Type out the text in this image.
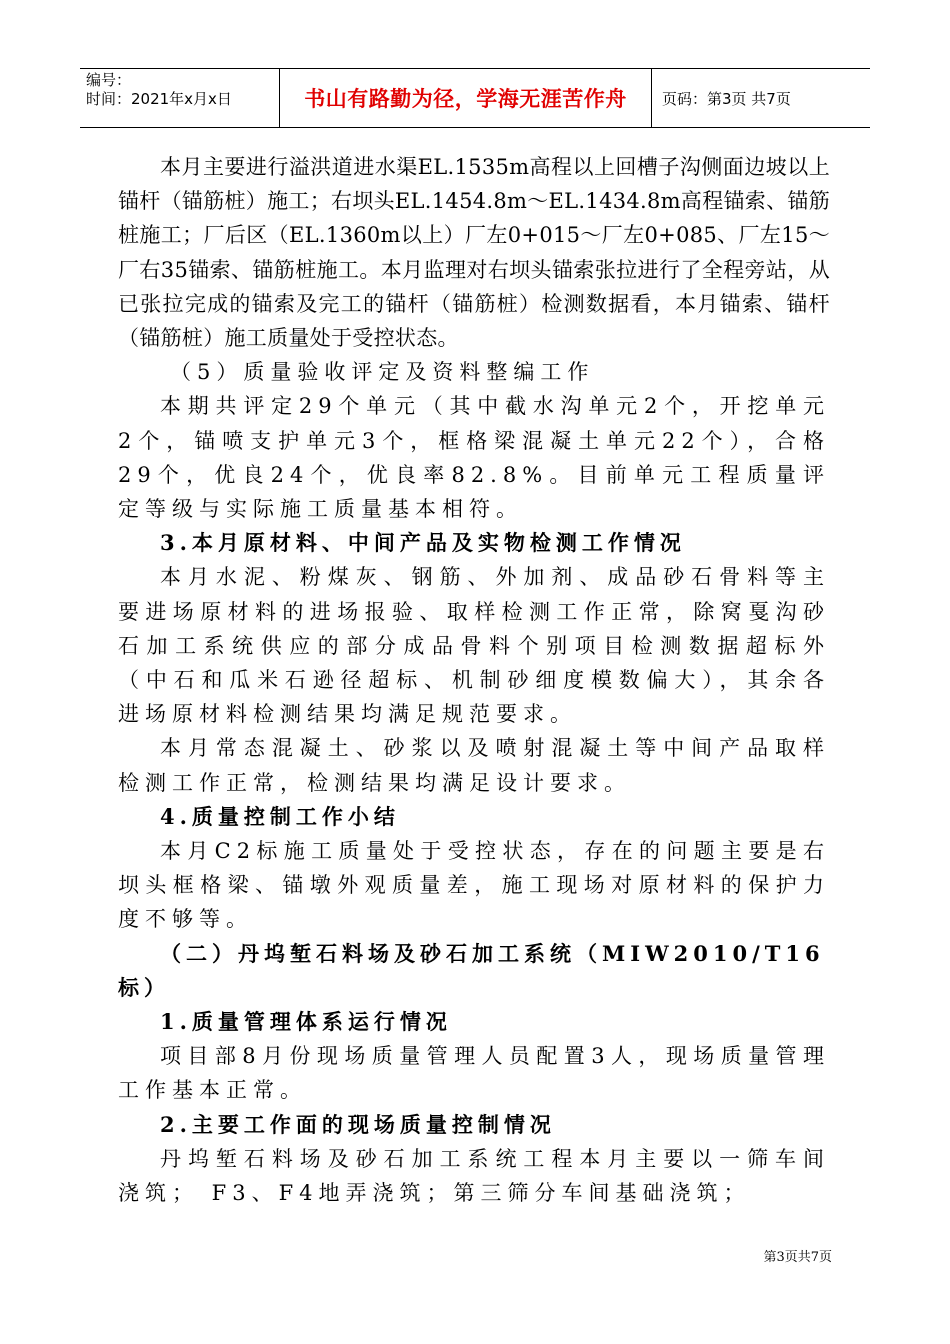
编号：
时间：2021年x月x日	书山有路勤为径，学海无涯苦作舟	页码：第3页 共7页

本月主要进行溢洪道进水渠EL.1535m高程以上回槽子沟侧面边坡以上锚杆（锚筋桩）施工；右坝头EL.1454.8m～EL.1434.8m高程锚索、锚筋桩施工；厂后区（EL.1360m以上）厂左0+015～厂左0+085、厂左15～厂右35锚索、锚筋桩施工。本月监理对右坝头锚索张拉进行了全程旁站，从已张拉完成的锚索及完工的锚杆（锚筋桩）检测数据看，本月锚索、锚杆（锚筋桩）施工质量处于受控状态。

（5）质量验收评定及资料整编工作

本期共评定29个单元（其中截水沟单元2个，开挖单元2个，锚喷支护单元3个，框格梁混凝土单元22个），合格29个，优良24个，优良率82.8%。目前单元工程质量评定等级与实际施工质量基本相符。

3.本月原材料、中间产品及实物检测工作情况

本月水泥、粉煤灰、钢筋、外加剂、成品砂石骨料等主要进场原材料的进场报验、取样检测工作正常，除窝戛沟砂石加工系统供应的部分成品骨料个别项目检测数据超标外（中石和瓜米石逊径超标、机制砂细度模数偏大），其余各进场原材料检测结果均满足规范要求。

本月常态混凝土、砂浆以及喷射混凝土等中间产品取样检测工作正常，检测结果均满足设计要求。

4.质量控制工作小结

本月C2标施工质量处于受控状态，存在的问题主要是右坝头框格梁、锚墩外观质量差，施工现场对原材料的保护力度不够等。

（二）丹坞堑石料场及砂石加工系统（MIW2010/T16标）

1.质量管理体系运行情况

项目部8月份现场质量管理人员配置3人，现场质量管理工作基本正常。

2.主要工作面的现场质量控制情况

丹坞堑石料场及砂石加工系统工程本月主要以一筛车间浇筑； F3、F4地弄浇筑；第三筛分车间基础浇筑；

第3页共7页
